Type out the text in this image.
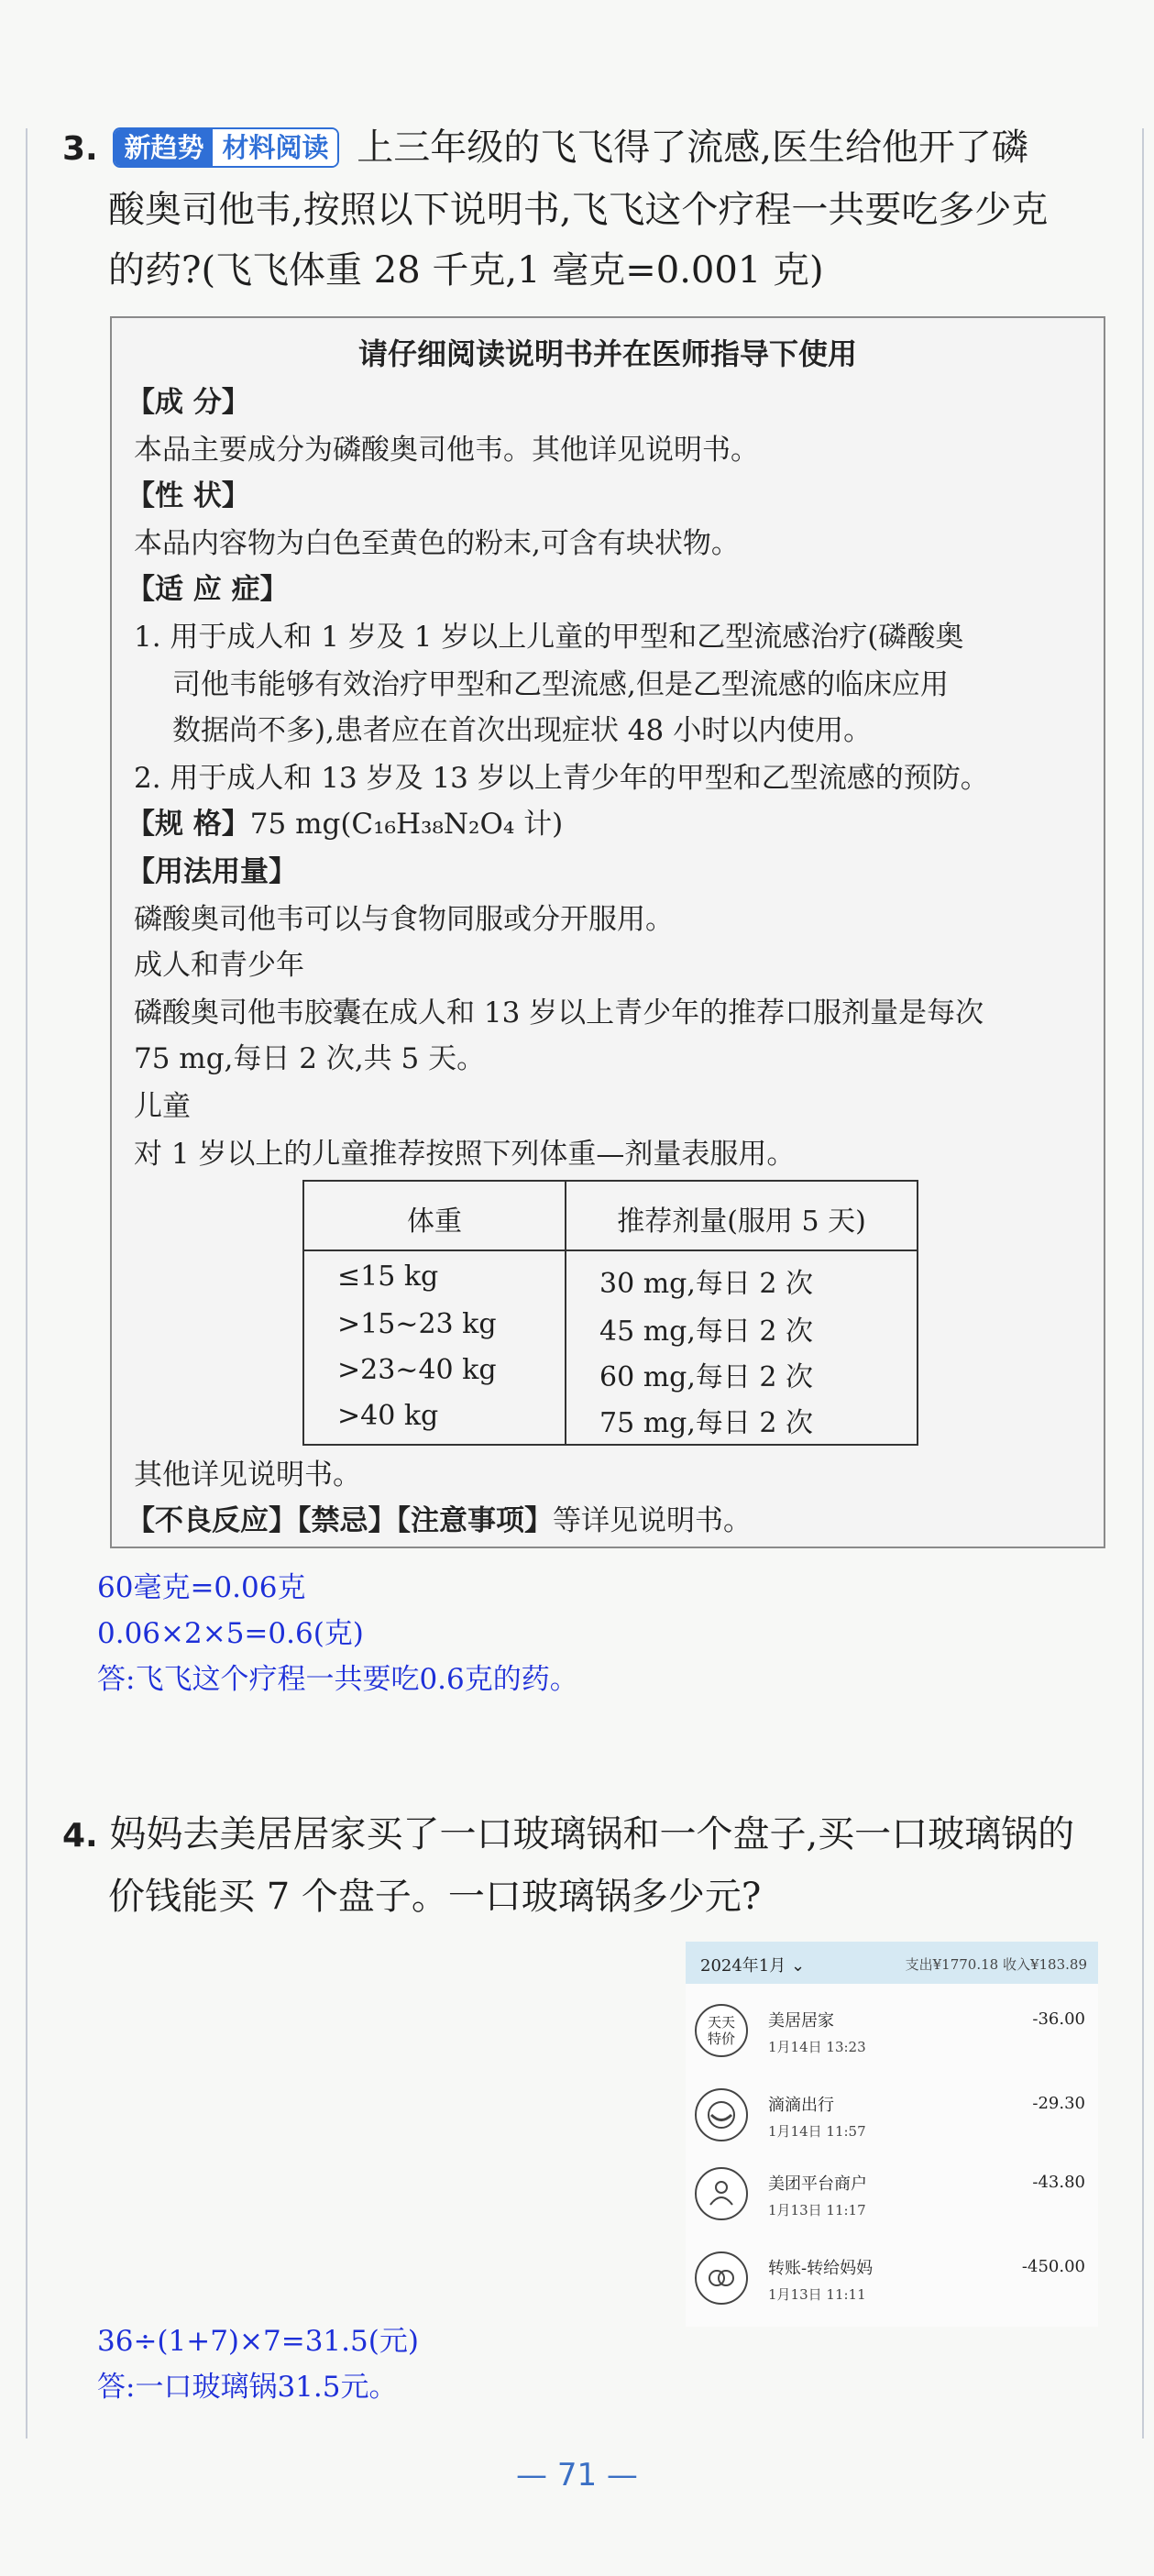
3. 新趋势 材料阅读 上三年级的飞飞得了流感,医生给他开了磷
酸奥司他韦,按照以下说明书,飞飞这个疗程一共要吃多少克
的药?(飞飞体重 28 千克,1 毫克=0.001 克)
请仔细阅读说明书并在医师指导下使用
【成 分】
本品主要成分为磷酸奥司他韦。其他详见说明书。
【性 状】
本品内容物为白色至黄色的粉末,可含有块状物。
【适 应 症】
1. 用于成人和 1 岁及 1 岁以上儿童的甲型和乙型流感治疗(磷酸奥
司他韦能够有效治疗甲型和乙型流感,但是乙型流感的临床应用
数据尚不多),患者应在首次出现症状 48 小时以内使用。
2. 用于成人和 13 岁及 13 岁以上青少年的甲型和乙型流感的预防。
【规 格】75 mg(C₁₆H₃₈N₂O₄ 计)
【用法用量】
磷酸奥司他韦可以与食物同服或分开服用。
成人和青少年
磷酸奥司他韦胶囊在成人和 13 岁以上青少年的推荐口服剂量是每次
75 mg,每日 2 次,共 5 天。
儿童
对 1 岁以上的儿童推荐按照下列体重—剂量表服用。
体重	推荐剂量(服用 5 天)
≤15 kg	30 mg,每日 2 次
>15~23 kg	45 mg,每日 2 次
>23~40 kg	60 mg,每日 2 次
>40 kg	75 mg,每日 2 次
其他详见说明书。
【不良反应】【禁忌】【注意事项】等详见说明书。
60毫克=0.06克
0.06×2×5=0.6(克)
答:飞飞这个疗程一共要吃0.6克的药。
4. 妈妈去美居居家买了一口玻璃锅和一个盘子,买一口玻璃锅的
价钱能买 7 个盘子。一口玻璃锅多少元?
2024年1月 ⌄	支出¥1770.18 收入¥183.89
天天特价
美居居家
1月14日 13:23
-36.00
滴滴出行
1月14日 11:57
-29.30
美团平台商户
1月13日 11:17
-43.80
转账-转给妈妈
1月13日 11:11
-450.00
36÷(1+7)×7=31.5(元)
答:一口玻璃锅31.5元。
— 71 —
